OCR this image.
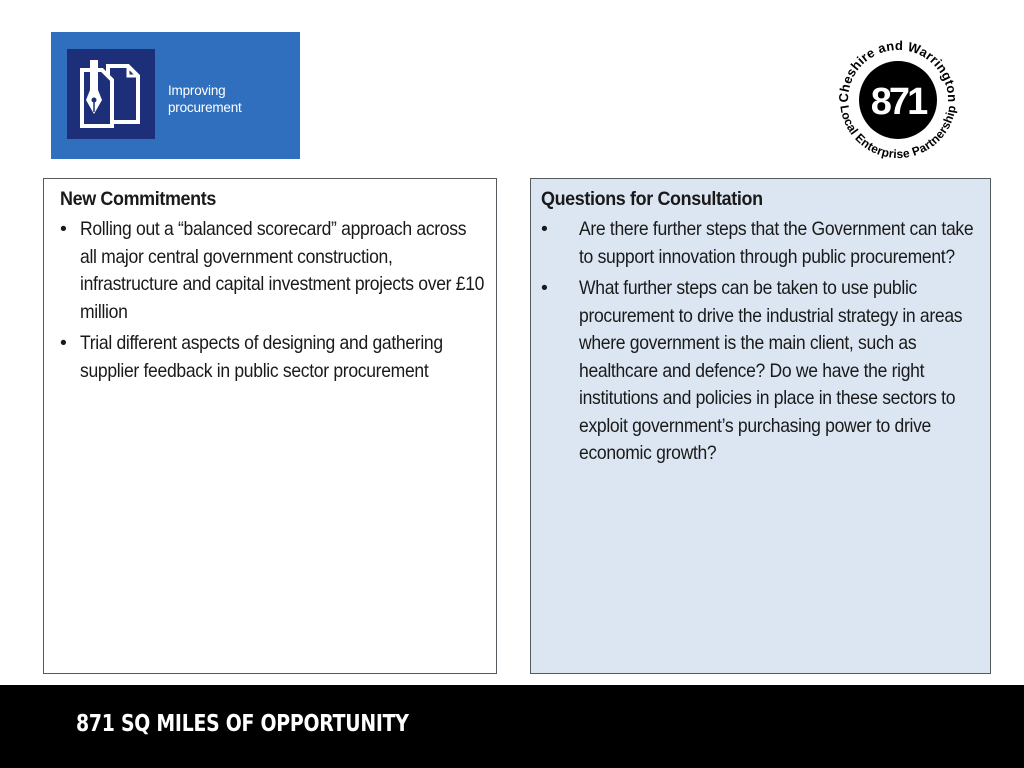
Improving
procurement	871
Cheshire and Warrington
Local Enterprise Partnership
New Commitments
• Rolling out a “balanced scorecard” approach across all major central government construction, infrastructure and capital investment projects over £10 million
• Trial different aspects of designing and gathering supplier feedback in public sector procurement
Questions for Consultation
• Are there further steps that the Government can take to support innovation through public procurement?
• What further steps can be taken to use public procurement to drive the industrial strategy in areas where government is the main client, such as healthcare and defence? Do we have the right institutions and policies in place in these sectors to exploit government’s purchasing power to drive economic growth?
871 SQ MILES OF OPPORTUNITY
